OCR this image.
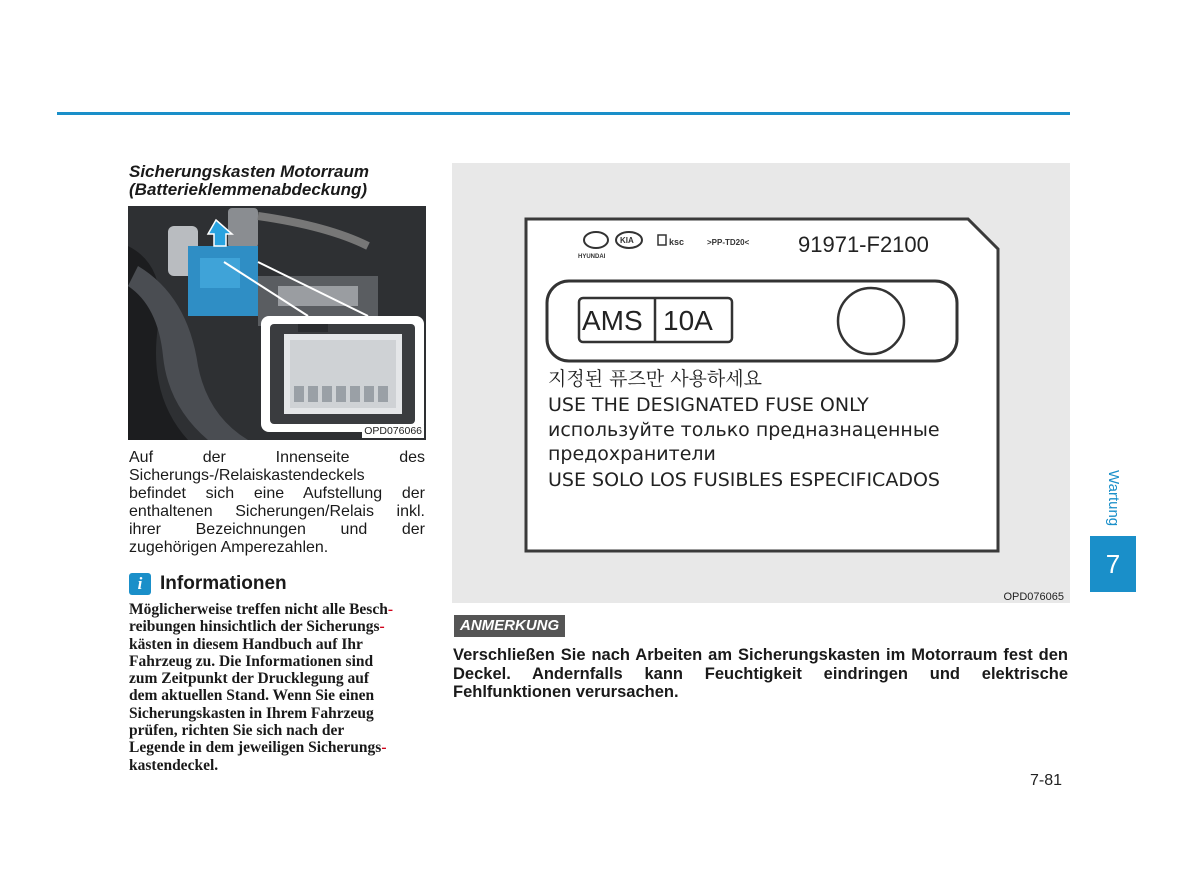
Sicherungskasten Motorraum
(Batterieklemmenabdeckung)
OPD076066
Auf der Innenseite des Sicherungs-/Relaiskastendeckels befindet sich eine Aufstellung der enthaltenen Sicherungen/Relais inkl. ihrer Bezeichnungen und der zugehörigen Amperezahlen.
i Informationen
Möglicherweise treffen nicht alle Besch-
reibungen hinsichtlich der Sicherungs-
kästen in diesem Handbuch auf Ihr
Fahrzeug zu. Die Informationen sind
zum Zeitpunkt der Drucklegung auf
dem aktuellen Stand. Wenn Sie einen
Sicherungskasten in Ihrem Fahrzeug
prüfen, richten Sie sich nach der
Legende in dem jeweiligen Sicherungs-
kastendeckel.
HYUNDAI
KIA	ksc	>PP-TD20< 91971-F2100
AMS 10A
지정된 퓨즈만 사용하세요
USE THE DESIGNATED FUSE ONLY
используйте только предназнаценные
предохранители
USE SOLO LOS FUSIBLES ESPECIFICADOS
OPD076065
ANMERKUNG
Verschließen Sie nach Arbeiten am Sicherungskasten im Motorraum fest den Deckel. Andernfalls kann Feuchtigkeit eindringen und elektrische Fehlfunktionen verursachen.
7-81
Wartung
7
